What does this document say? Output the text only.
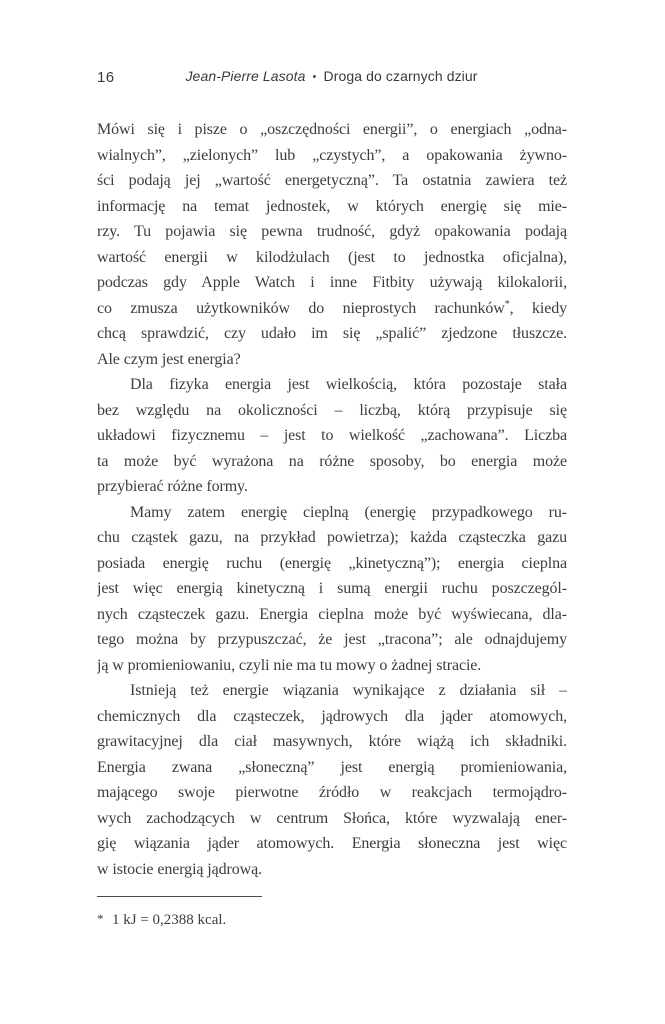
16	Jean-Pierre Lasota • Droga do czarnych dziur
Mówi się i pisze o „oszczędności energii”, o energiach „odna-
wialnych”, „zielonych” lub „czystych”, a opakowania żywno-
ści podają jej „wartość energetyczną”. Ta ostatnia zawiera też
informację na temat jednostek, w których energię się mie-
rzy. Tu pojawia się pewna trudność, gdyż opakowania podają
wartość energii w kilodżulach (jest to jednostka oficjalna),
podczas gdy Apple Watch i inne Fitbity używają kilokalorii,
co zmusza użytkowników do nieprostych rachunków*, kiedy
chcą sprawdzić, czy udało im się „spalić” zjedzone tłuszcze.
Ale czym jest energia?
Dla fizyka energia jest wielkością, która pozostaje stała
bez względu na okoliczności – liczbą, którą przypisuje się
układowi fizycznemu – jest to wielkość „zachowana”. Liczba
ta może być wyrażona na różne sposoby, bo energia może
przybierać różne formy.
Mamy zatem energię cieplną (energię przypadkowego ru-
chu cząstek gazu, na przykład powietrza); każda cząsteczka gazu
posiada energię ruchu (energię „kinetyczną”); energia cieplna
jest więc energią kinetyczną i sumą energii ruchu poszczegól-
nych cząsteczek gazu. Energia cieplna może być wyświecana, dla-
tego można by przypuszczać, że jest „tracona”; ale odnajdujemy
ją w promieniowaniu, czyli nie ma tu mowy o żadnej stracie.
Istnieją też energie wiązania wynikające z działania sił –
chemicznych dla cząsteczek, jądrowych dla jąder atomowych,
grawitacyjnej dla ciał masywnych, które wiążą ich składniki.
Energia zwana „słoneczną” jest energią promieniowania,
mającego swoje pierwotne źródło w reakcjach termojądro-
wych zachodzących w centrum Słońca, które wyzwalają ener-
gię wiązania jąder atomowych. Energia słoneczna jest więc
w istocie energią jądrową.
* 1 kJ = 0,2388 kcal.
